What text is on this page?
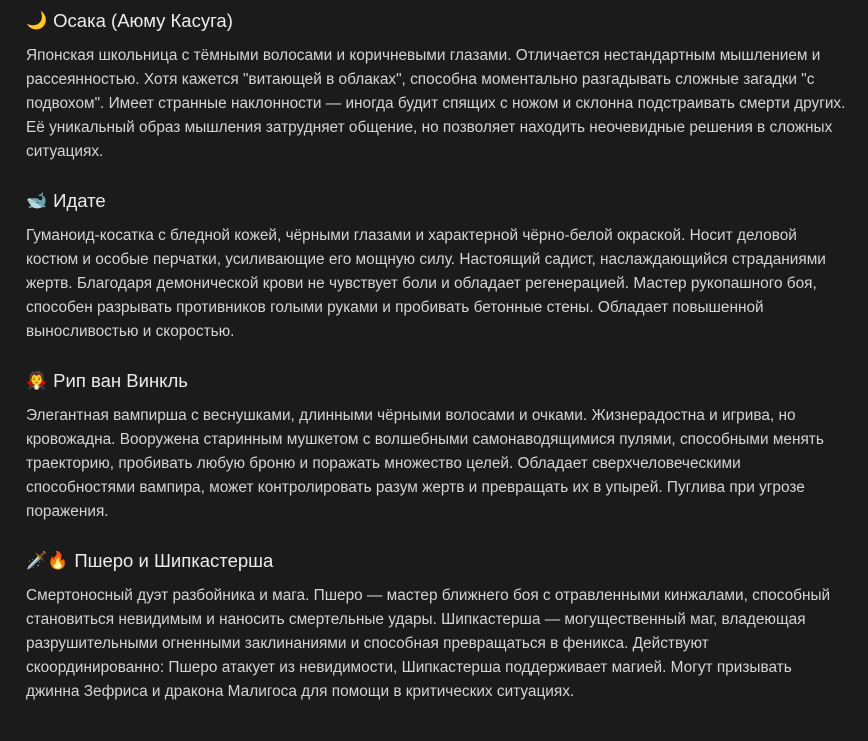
🌙 Осака (Аюму Касуга)

Японская школьница с тёмными волосами и коричневыми глазами. Отличается нестандартным мышлением и рассеянностью. Хотя кажется "витающей в облаках", способна моментально разгадывать сложные загадки "с подвохом". Имеет странные наклонности — иногда будит спящих с ножом и склонна подстраивать смерти других. Её уникальный образ мышления затрудняет общение, но позволяет находить неочевидные решения в сложных ситуациях.

🐋 Идате

Гуманоид-косатка с бледной кожей, чёрными глазами и характерной чёрно-белой окраской. Носит деловой костюм и особые перчатки, усиливающие его мощную силу. Настоящий садист, наслаждающийся страданиями жертв. Благодаря демонической крови не чувствует боли и обладает регенерацией. Мастер рукопашного боя, способен разрывать противников голыми руками и пробивать бетонные стены. Обладает повышенной выносливостью и скоростью.

🧛 Рип ван Винкль

Элегантная вампирша с веснушками, длинными чёрными волосами и очками. Жизнерадостна и игрива, но кровожадна. Вооружена старинным мушкетом с волшебными самонаводящимися пулями, способными менять траекторию, пробивать любую броню и поражать множество целей. Обладает сверхчеловеческими способностями вампира, может контролировать разум жертв и превращать их в упырей. Пуглива при угрозе поражения.

🗡️🔥 Пшеро и Шипкастерша

Смертоносный дуэт разбойника и мага. Пшеро — мастер ближнего боя с отравленными кинжалами, способный становиться невидимым и наносить смертельные удары. Шипкастерша — могущественный маг, владеющая разрушительными огненными заклинаниями и способная превращаться в феникса. Действуют скоординированно: Пшеро атакует из невидимости, Шипкастерша поддерживает магией. Могут призывать джинна Зефриса и дракона Малигоса для помощи в критических ситуациях.
